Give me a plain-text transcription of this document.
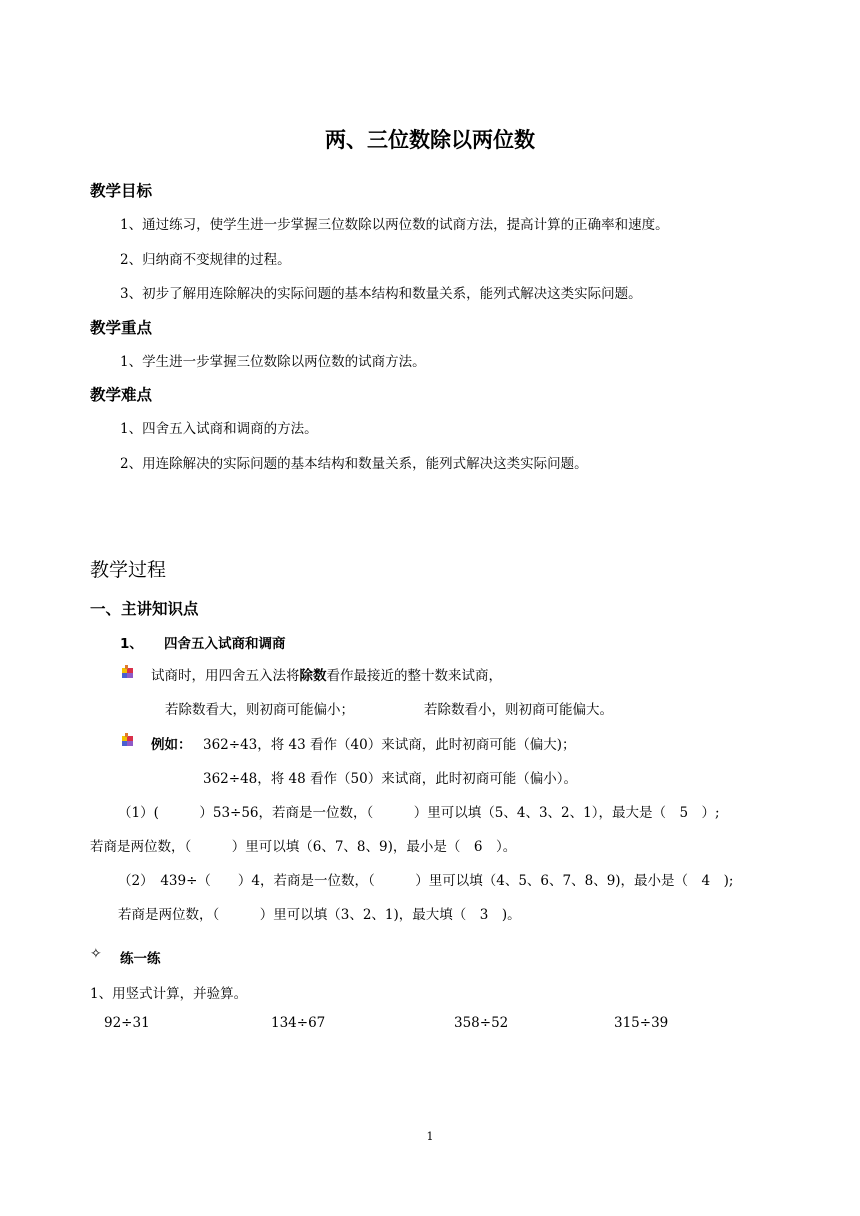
两、三位数除以两位数
教学目标
1、通过练习，使学生进一步掌握三位数除以两位数的试商方法，提高计算的正确率和速度。
2、归纳商不变规律的过程。
3、初步了解用连除解决的实际问题的基本结构和数量关系，能列式解决这类实际问题。
教学重点
1、学生进一步掌握三位数除以两位数的试商方法。
教学难点
1、四舍五入试商和调商的方法。
2、用连除解决的实际问题的基本结构和数量关系，能列式解决这类实际问题。
教学过程
一、主讲知识点
1、 四舍五入试商和调商
试商时，用四舍五入法将除数看作最接近的整十数来试商，
若除数看大，则初商可能偏小；	若除数看小，则初商可能偏大。
例如： 362÷43，将 43 看作（40）来试商，此时初商可能（偏大)；
362÷48，将 48 看作（50）来试商，此时初商可能（偏小）。
（1）(　　　）53÷56，若商是一位数，（　　　）里可以填（5、4、3、2、1），最大是（　5　）;
若商是两位数，（　　　）里可以填（6、7、8、9)，最小是（　6　）。
（2）　439÷（　　）4，若商是一位数，（　　　）里可以填（4、5、6、7、8、9)，最小是（　4　);
若商是两位数，（　　　）里可以填（3、2、1)，最大填（　3　)。
✧ 练一练
1、用竖式计算，并验算。
92÷31	134÷67	358÷52	315÷39
1
